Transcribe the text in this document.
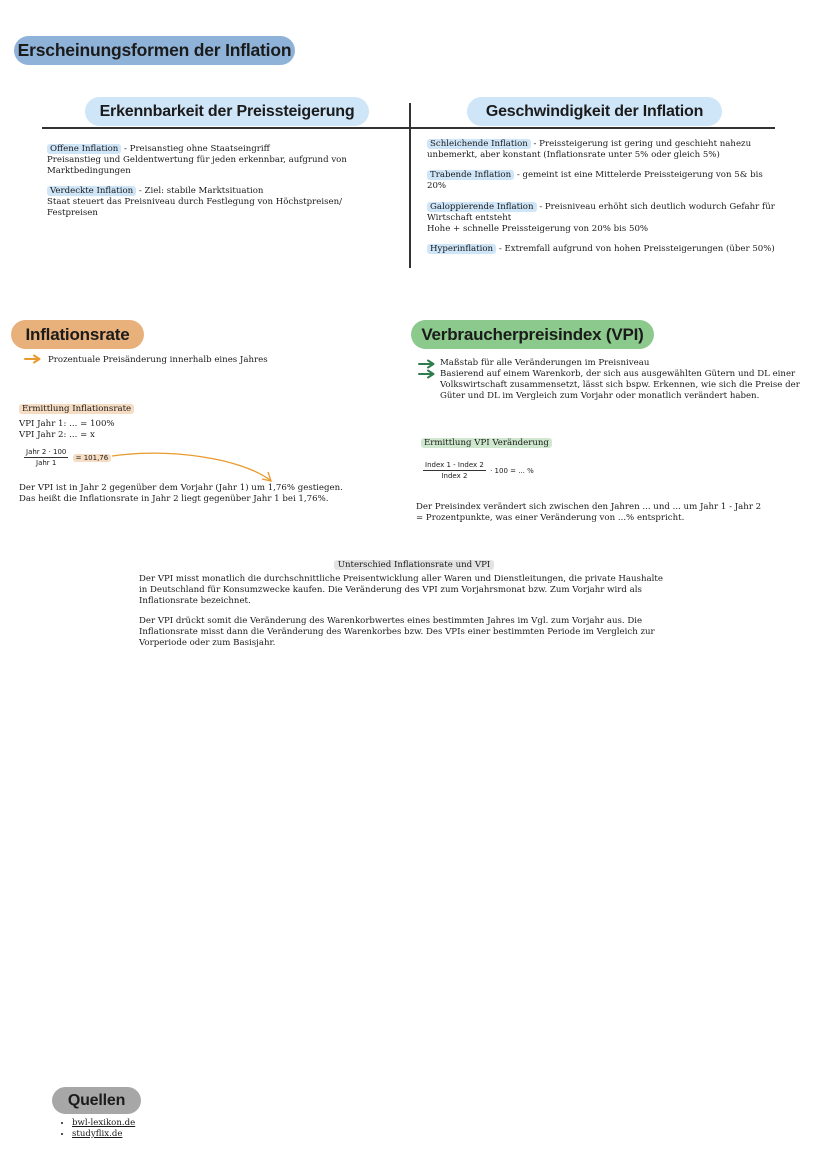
Erscheinungsformen der Inflation
Erkennbarkeit der Preissteigerung	Geschwindigkeit der Inflation
Offene Inflation - Preisanstieg ohne Staatseingriff
Preisanstieg und Geldentwertung für jeden erkennbar, aufgrund von
Marktbedingungen
Verdeckte Inflation - Ziel: stabile Marktsituation
Staat steuert das Preisniveau durch Festlegung von Höchstpreisen/
Festpreisen
Schleichende Inflation - Preissteigerung ist gering und geschieht nahezu
unbemerkt, aber konstant (Inflationsrate unter 5% oder gleich 5%)
Trabende Inflation - gemeint ist eine Mittelerde Preissteigerung von 5& bis
20%
Galoppierende Inflation - Preisniveau erhöht sich deutlich wodurch Gefahr für
Wirtschaft entsteht
Hohe + schnelle Preissteigerung von 20% bis 50%
Hyperinflation - Extremfall aufgrund von hohen Preissteigerungen (über 50%)
Inflationsrate
Prozentuale Preisänderung innerhalb eines Jahres
Ermittlung Inflationsrate
VPI Jahr 1: ... = 100%
VPI Jahr 2: ... = x
Jahr 2 · 100
Jahr 1
= 101,76
Der VPI ist in Jahr 2 gegenüber dem Vorjahr (Jahr 1) um 1,76% gestiegen.
Das heißt die Inflationsrate in Jahr 2 liegt gegenüber Jahr 1 bei 1,76%.
Verbraucherpreisindex (VPI)
Maßstab für alle Veränderungen im Preisniveau
Basierend auf einem Warenkorb, der sich aus ausgewählten Gütern und DL einer
Volkswirtschaft zusammensetzt, lässt sich bspw. Erkennen, wie sich die Preise der
Güter und DL im Vergleich zum Vorjahr oder monatlich verändert haben.
Ermittlung VPI Veränderung
Index 1 - Index 2
Index 2
· 100 = ... %
Der Preisindex verändert sich zwischen den Jahren ... und ... um Jahr 1 - Jahr 2
= Prozentpunkte, was einer Veränderung von ...% entspricht.
Unterschied Inflationsrate und VPI
Der VPI misst monatlich die durchschnittliche Preisentwicklung aller Waren und Dienstleitungen, die private Haushalte
in Deutschland für Konsumzwecke kaufen. Die Veränderung des VPI zum Vorjahrsmonat bzw. Zum Vorjahr wird als
Inflationsrate bezeichnet.
Der VPI drückt somit die Veränderung des Warenkorbwertes eines bestimmten Jahres im Vgl. zum Vorjahr aus. Die
Inflationsrate misst dann die Veränderung des Warenkorbes bzw. Des VPIs einer bestimmten Periode im Vergleich zur
Vorperiode oder zum Basisjahr.
Quellen
• bwl-lexikon.de
• studyflix.de
